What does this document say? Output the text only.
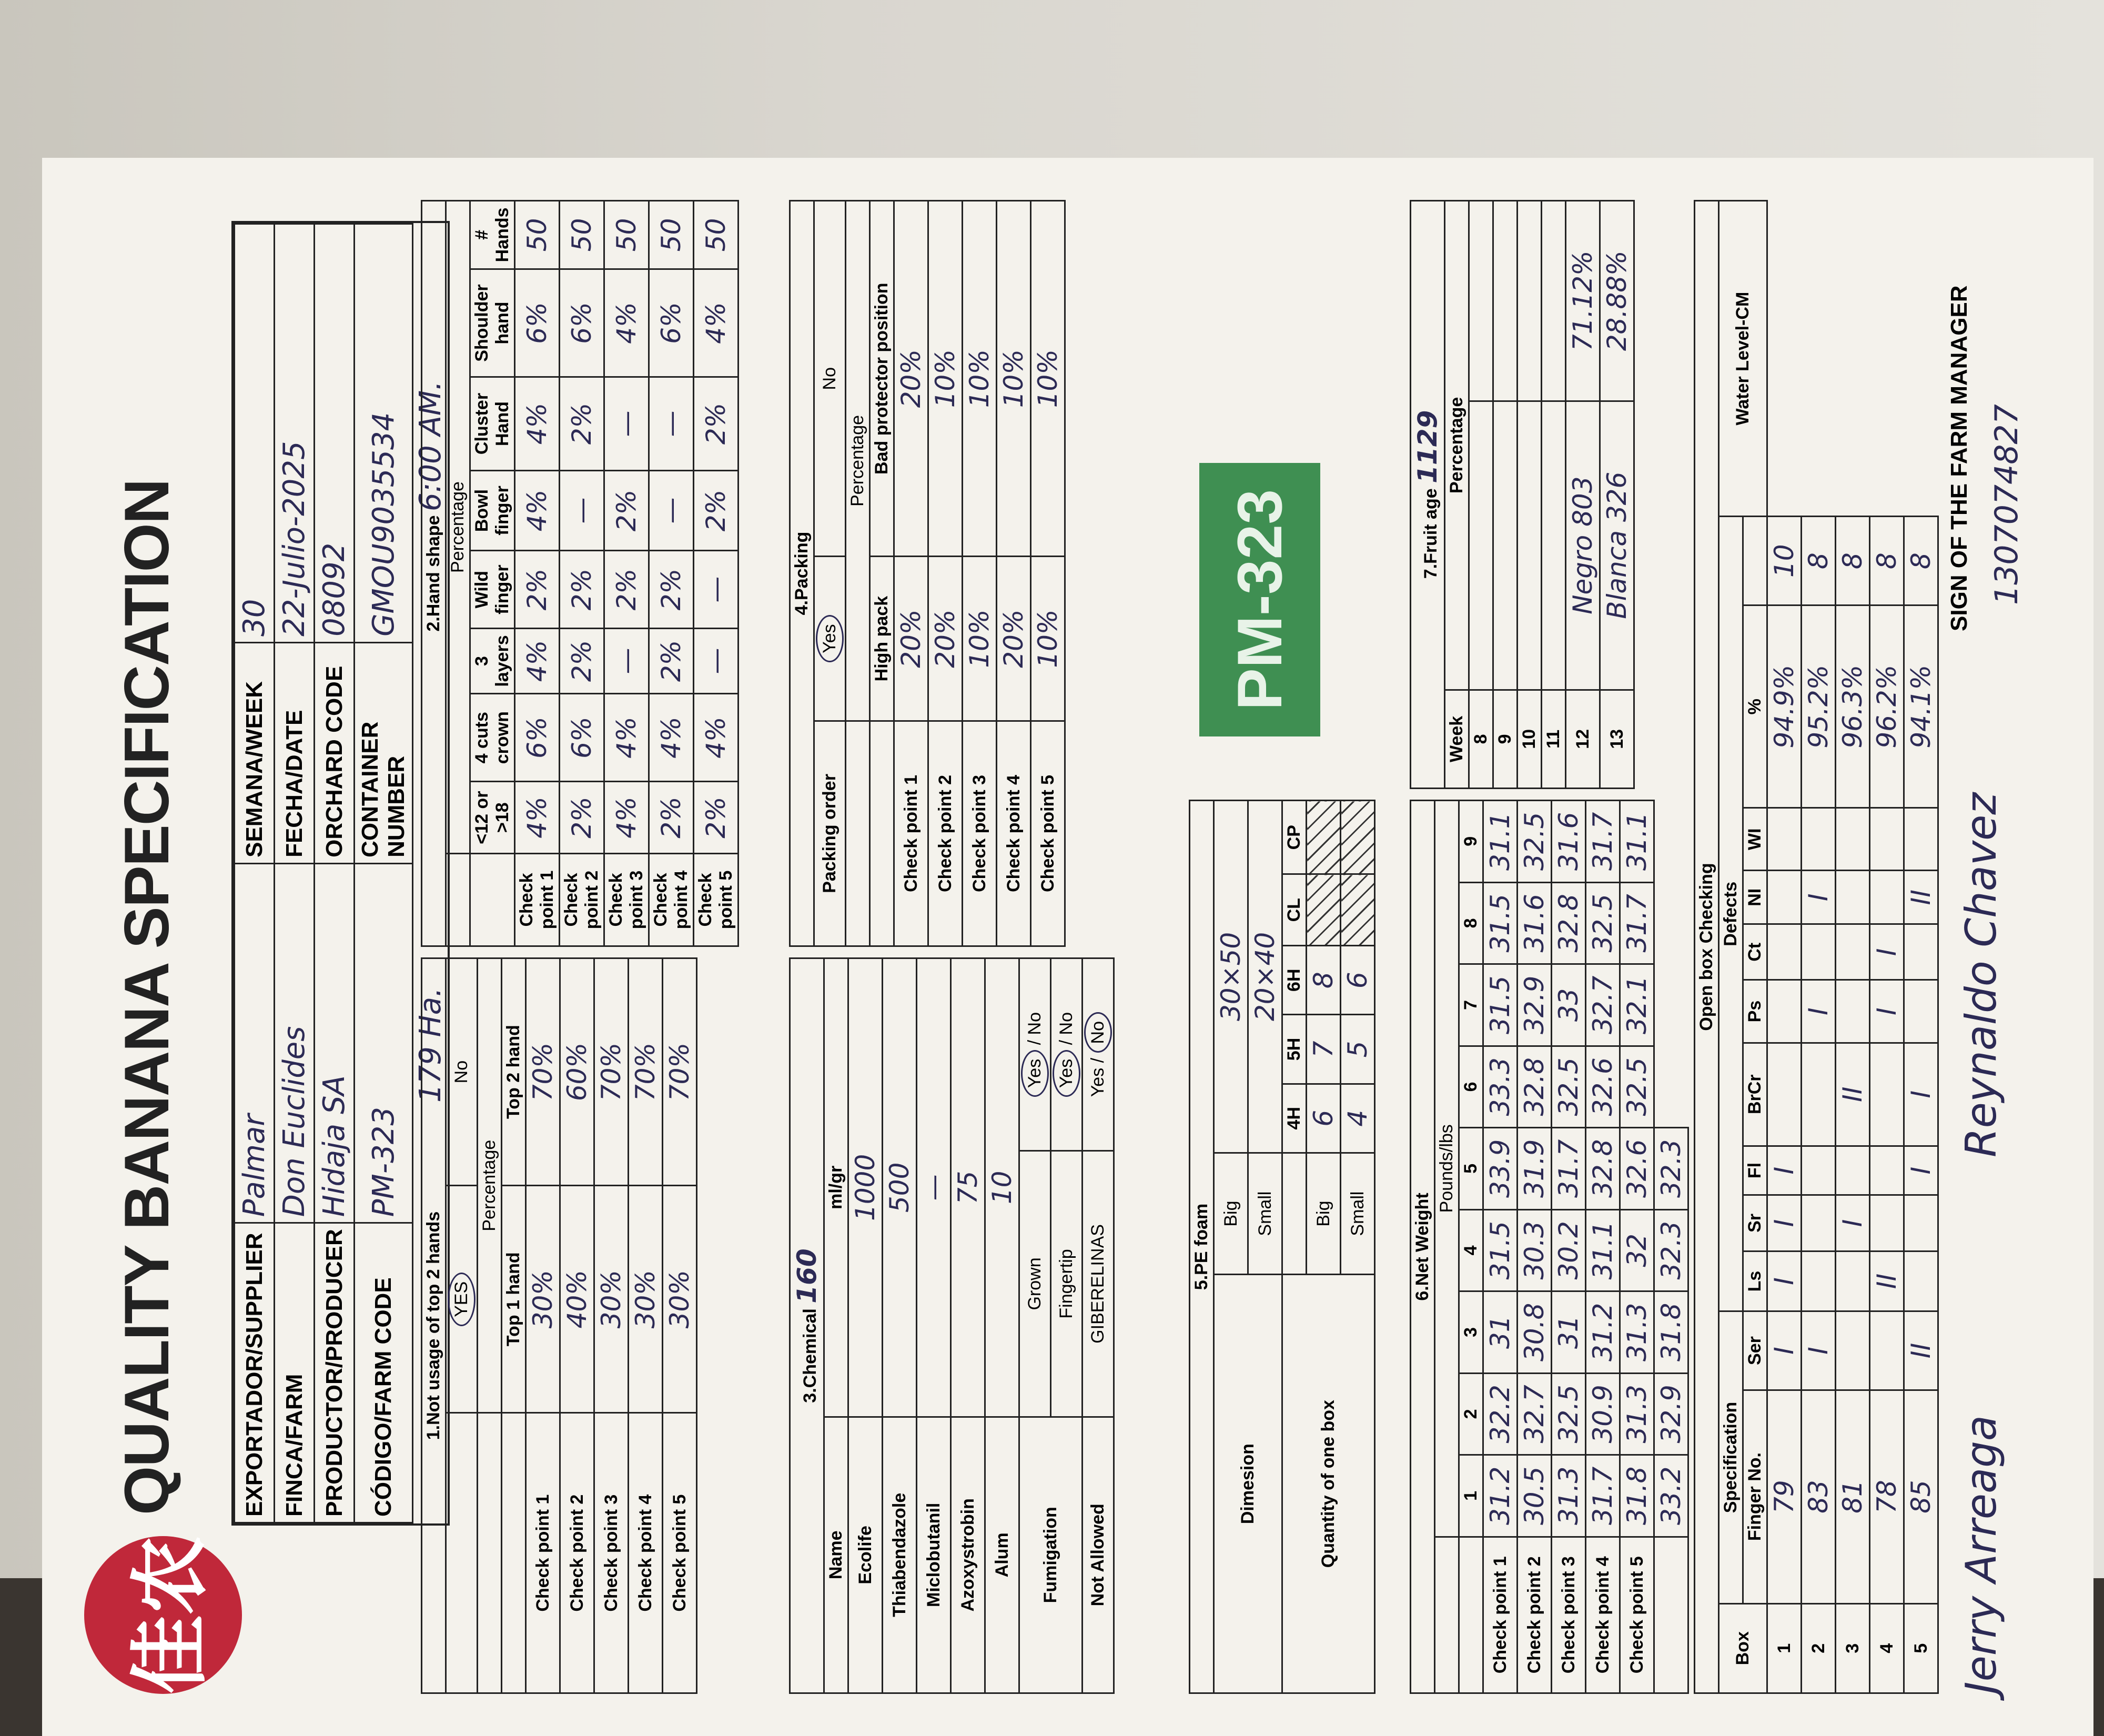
佳农
QUALITY BANANA SPECIFICATION	EXPORTADOR/SUPPLIER	Palmar	SEMANA/WEEK	30
FINCA/FARM	Don Euclides	FECHA/DATE	22-Julio-2025
PRODUCTOR/PRODUCER	Hidaja SA	ORCHARD CODE	08092
CÓDIGO/FARM CODE	PM-323	CONTAINER NUMBER	GMOU9035534
179 Ha.
6:00 AM.
1.Not usage of top 2 hands		
	YES	No
	Percentage	
	Top 1 hand	Top 2 hand
Check point 1	30%	70%
Check point 2	40%	60%
Check point 3	30%	70%
Check point 4	30%	70%
Check point 5	30%	70%
2.Hand shape								
	Percentage							
	<12 or >18	4 cuts crown	3 layers	Wild finger	Bowl finger	Cluster Hand	Shoulder hand	# Hands
Check point 1	4%	6%	4%	2%	4%	4%	6%	50
Check point 2	2%	6%	2%	2%	—	2%	6%	50
Check point 3	4%	4%	—	2%	2%	—	4%	50
Check point 4	2%	4%	2%	2%	—	—	6%	50
Check point 5	2%	4%	—	—	2%	2%	4%	50
3.Chemical 160		
Name	ml/gr	
Ecolife	1000	
Thiabendazole	500	
Miclobutanil	—	
Azoxystrobin	75	
Alum	10	
Fumigation	Grown	Yes / No
	Fingertip	Yes / No
Not Allowed	GIBERELINAS	Yes / No
4.Packing		
Packing order	Yes	No
	Percentage	
	High pack	Bad protector position
Check point 1	20%	20%
Check point 2	20%	10%
Check point 3	10%	10%
Check point 4	20%	10%
Check point 5	10%	10%
5.PE foam						
Dimesion	Big	30×50				
	Small	20×40				
Quantity of one box		4H	5H	6H	CL	CP
	Big	6	7	8		
	Small	4	5	6		
PM-323
6.Net Weight									
	Pounds/lbs								
	1	2	3	4	5	6	7	8	9
Check point 1	31.2	32.2	31	31.5	33.9	33.3	31.5	31.5	31.1
Check point 2	30.5	32.7	30.8	30.3	31.9	32.8	32.9	31.6	32.5
Check point 3	31.3	32.5	31	30.2	31.7	32.5	33	32.8	31.6
Check point 4	31.7	30.9	31.2	31.1	32.8	32.6	32.7	32.5	31.7
Check point 5	31.8	31.3	31.3	32	32.6	32.5	32.1	31.7	31.1
	33.2	32.9	31.8	32.3	32.3				
7.Fruit age 1129		
Week	Percentage	
8		
9		
10		
11		
12	Negro 803	71.12%
13	Blanca 326	28.88%
Open box Checking													
Box	Specification		Defects										Water Level-CM
	Finger No.	Ser	Ls	Sr	Fl	BrCr	Ps	Ct	NI	WI	%		
1	79	I	I	I	I						94.9%	10	
2	83	I					I		I		95.2%	8	
3	81			I		II					96.3%	8	
4	78		II				I	I			96.2%	8	
5	85	II			I	I			II		94.1%	8	
Jerry Arreaga
Reynaldo Chavez
SIGN OF THE FARM MANAGER 1307074827
